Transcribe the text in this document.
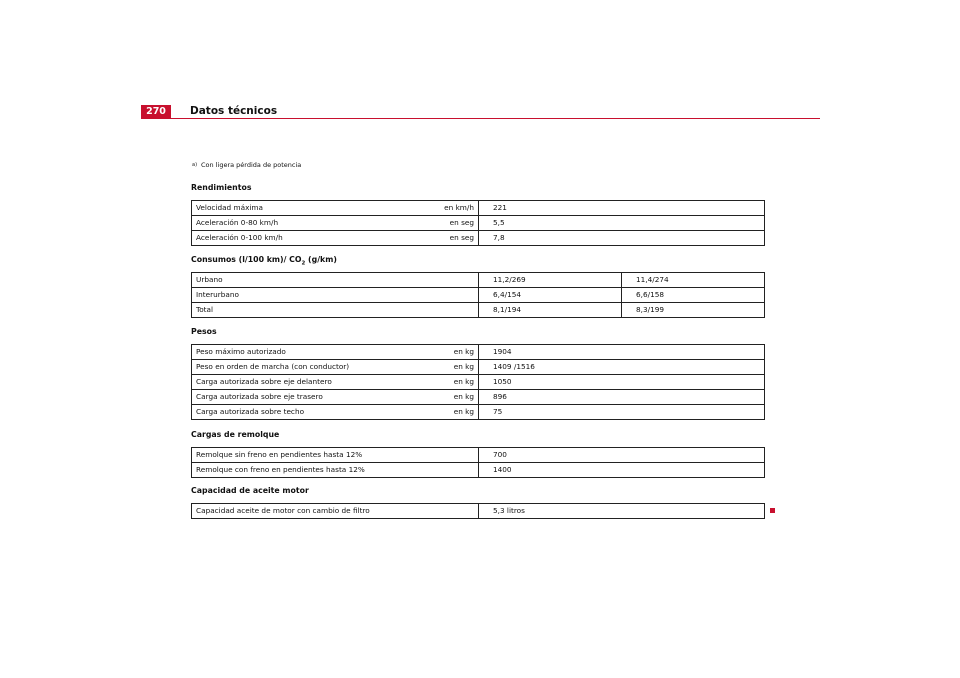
270	Datos técnicos
$^{a)}$ Con ligera pérdida de potencia
Rendimientos
Velocidad máxima en km/h	221

Aceleración 0-80 km/h en seg	5,5

Aceleración 0-100 km/h en seg	7,8
Consumos (l/100 km)/ $CO_2$ (g/km)
Urbano	11,2/269	11,4/274
Interurbano	6,4/154	6,6/158
Total	8,1/194	8,3/199
Pesos
Peso máximo autorizado en kg	1904

Peso en orden de marcha (con conductor) en kg	1409 /1516

Carga autorizada sobre eje delantero en kg	1050

Carga autorizada sobre eje trasero en kg	896

Carga autorizada sobre techo en kg	75
Cargas de remolque
Remolque sin freno en pendientes hasta 12%	700
Remolque con freno en pendientes hasta 12%	1400
Capacidad de aceite motor
Capacidad aceite de motor con cambio de filtro	5,3 litros
